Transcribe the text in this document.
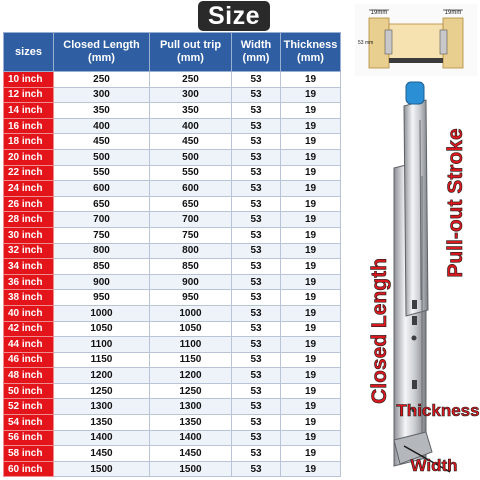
Size
sizes	Closed Length (mm)	Pull out trip (mm)	Width (mm)	Thickness (mm)
10 inch	250	250	53	19
12 inch	300	300	53	19
14 inch	350	350	53	19
16 inch	400	400	53	19
18 inch	450	450	53	19
20 inch	500	500	53	19
22 inch	550	550	53	19
24 inch	600	600	53	19
26 inch	650	650	53	19
28 inch	700	700	53	19
30 inch	750	750	53	19
32 inch	800	800	53	19
34 inch	850	850	53	19
36 inch	900	900	53	19
38 inch	950	950	53	19
40 inch	1000	1000	53	19
42 inch	1050	1050	53	19
44 inch	1100	1100	53	19
46 inch	1150	1150	53	19
48 inch	1200	1200	53	19
50 inch	1250	1250	53	19
52 inch	1300	1300	53	19
54 inch	1350	1350	53	19
56 inch	1400	1400	53	19
58 inch	1450	1450	53	19
60 inch	1500	1500	53	19
19mm	19mm
53 mm
Closed Length
Pull-out Stroke
Thickness
Width
